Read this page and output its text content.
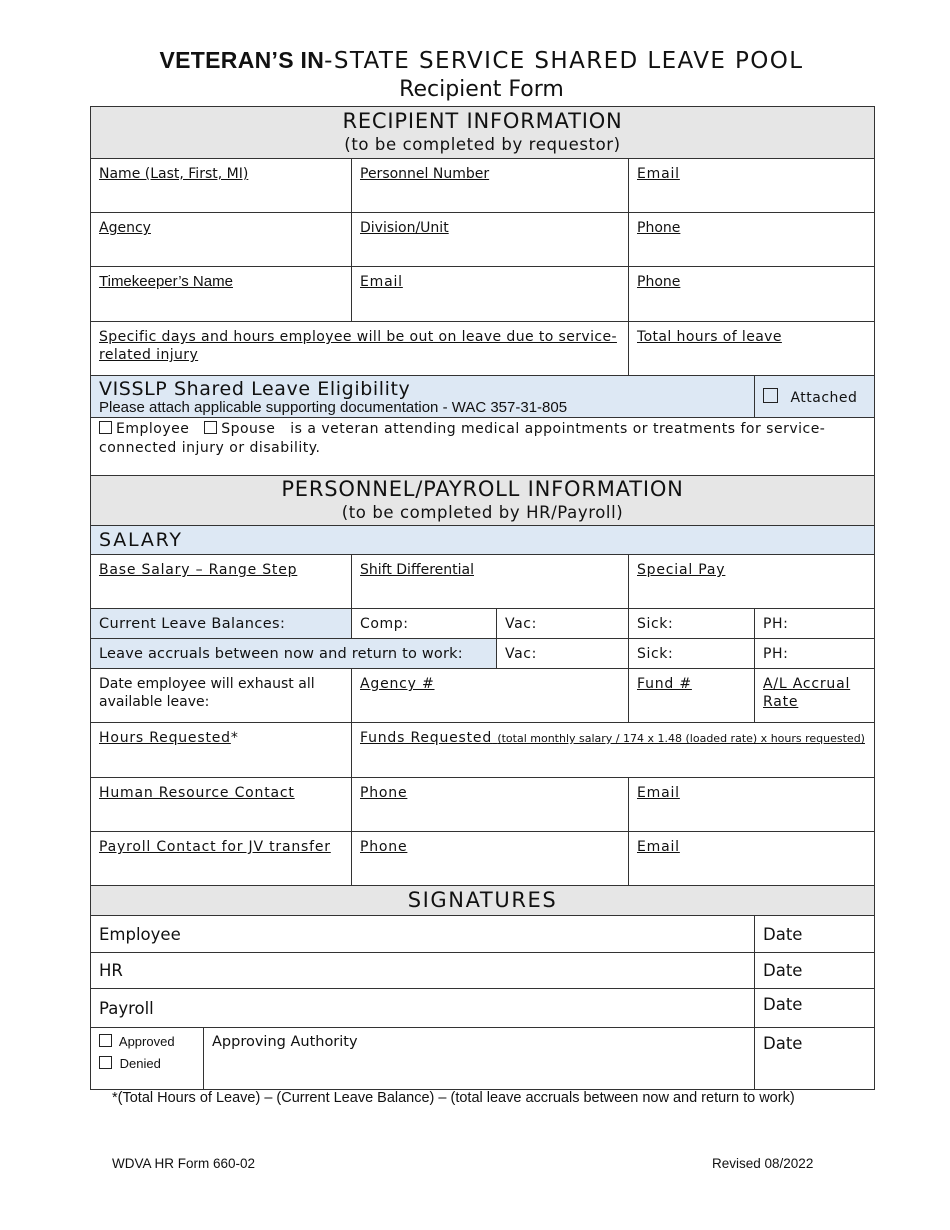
VETERAN’S IN-STATE SERVICE SHARED LEAVE POOL
Recipient Form
RECIPIENT INFORMATION
(to be completed by requestor)					

Name (Last, First, MI)		Personnel Number		Email	

Agency		Division/Unit		Phone	

Timekeeper’s Name		Email		Phone	

Specific days and hours employee will be out on leave due to service-related injury				Total hours of leave	

VISSLP Shared Leave Eligibility
Please attach applicable supporting documentation - WAC 357-31-805					Attached
Employee Spouse is a veteran attending medical appointments or treatments for service-connected injury or disability.					

PERSONNEL/PAYROLL INFORMATION
(to be completed by HR/Payroll)					

SALARY					

Base Salary – Range Step		Shift Differential		Special Pay	

Current Leave Balances:		Comp:	Vac:	Sick:	PH:
Leave accruals between now and return to work:			Vac:	Sick:	PH:

Date employee will exhaust all available leave:		Agency #		Fund #	A/L Accrual Rate

Hours Requested*		Funds Requested (total monthly salary / 174 x 1.48 (loaded rate) x hours requested)			

Human Resource Contact		Phone		Email	

Payroll Contact for JV transfer		Phone		Email	

SIGNATURES					

Employee					Date
HR					Date
Payroll					Date

Approved
Denied	Approving Authority				Date
*(Total Hours of Leave) – (Current Leave Balance) – (total leave accruals between now and return to work)
WDVA HR Form 660-02	Revised 08/2022
